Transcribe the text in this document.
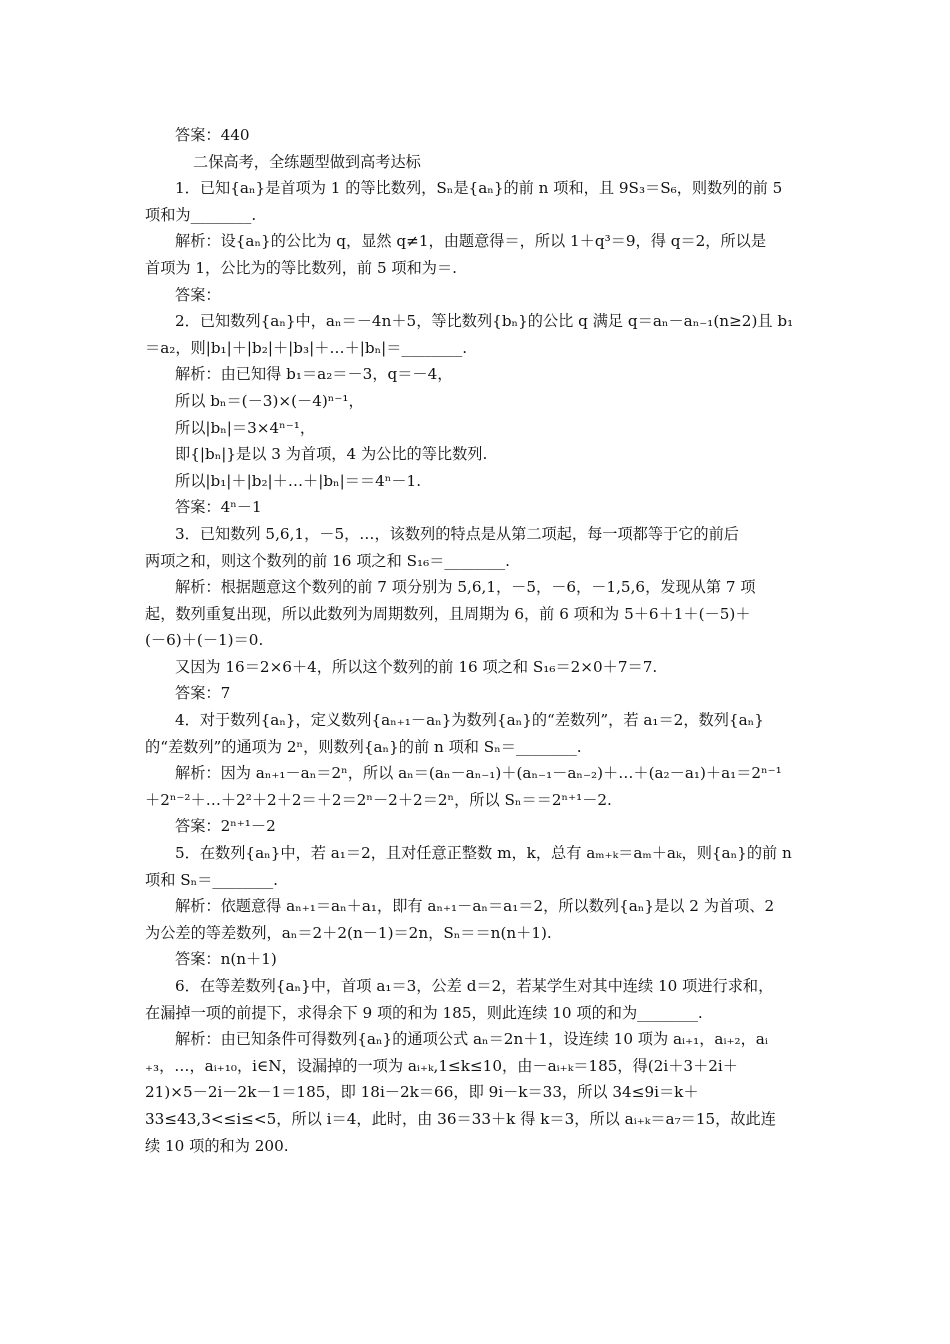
答案：440
二保高考，全练题型做到高考达标
1．已知{aₙ}是首项为 1 的等比数列，Sₙ是{aₙ}的前 n 项和，且 9S₃＝S₆，则数列的前 5
项和为________.
解析：设{aₙ}的公比为 q，显然 q≠1，由题意得＝，所以 1＋q³＝9，得 q＝2，所以是
首项为 1，公比为的等比数列，前 5 项和为＝.
答案：
2．已知数列{aₙ}中，aₙ＝－4n＋5，等比数列{bₙ}的公比 q 满足 q＝aₙ－aₙ₋₁(n≥2)且 b₁
＝a₂，则|b₁|＋|b₂|＋|b₃|＋…＋|bₙ|＝________.
解析：由已知得 b₁＝a₂＝－3，q＝－4，
所以 bₙ＝(－3)×(－4)ⁿ⁻¹，
所以|bₙ|＝3×4ⁿ⁻¹，
即{|bₙ|}是以 3 为首项，4 为公比的等比数列.
所以|b₁|＋|b₂|＋…＋|bₙ|＝＝4ⁿ－1.
答案：4ⁿ－1
3．已知数列 5,6,1，－5，…，该数列的特点是从第二项起，每一项都等于它的前后
两项之和，则这个数列的前 16 项之和 S₁₆＝________.
解析：根据题意这个数列的前 7 项分别为 5,6,1，－5，－6，－1,5,6，发现从第 7 项
起，数列重复出现，所以此数列为周期数列，且周期为 6，前 6 项和为 5＋6＋1＋(－5)＋
(－6)＋(－1)＝0.
又因为 16＝2×6＋4，所以这个数列的前 16 项之和 S₁₆＝2×0＋7＝7.
答案：7
4．对于数列{aₙ}，定义数列{aₙ₊₁－aₙ}为数列{aₙ}的“差数列”，若 a₁＝2，数列{aₙ}
的“差数列”的通项为 2ⁿ，则数列{aₙ}的前 n 项和 Sₙ＝________.
解析：因为 aₙ₊₁－aₙ＝2ⁿ，所以 aₙ＝(aₙ－aₙ₋₁)＋(aₙ₋₁－aₙ₋₂)＋…＋(a₂－a₁)＋a₁＝2ⁿ⁻¹
＋2ⁿ⁻²＋…＋2²＋2＋2＝＋2＝2ⁿ－2＋2＝2ⁿ，所以 Sₙ＝＝2ⁿ⁺¹－2.
答案：2ⁿ⁺¹－2
5．在数列{aₙ}中，若 a₁＝2，且对任意正整数 m，k，总有 aₘ₊ₖ＝aₘ＋aₖ，则{aₙ}的前 n
项和 Sₙ＝________.
解析：依题意得 aₙ₊₁＝aₙ＋a₁，即有 aₙ₊₁－aₙ＝a₁＝2，所以数列{aₙ}是以 2 为首项、2
为公差的等差数列，aₙ＝2＋2(n－1)＝2n，Sₙ＝＝n(n＋1).
答案：n(n＋1)
6．在等差数列{aₙ}中，首项 a₁＝3，公差 d＝2，若某学生对其中连续 10 项进行求和，
在漏掉一项的前提下，求得余下 9 项的和为 185，则此连续 10 项的和为________.
解析：由已知条件可得数列{aₙ}的通项公式 aₙ＝2n＋1，设连续 10 项为 aᵢ₊₁，aᵢ₊₂，aᵢ
₊₃，…，aᵢ₊₁₀，i∈N，设漏掉的一项为 aᵢ₊ₖ,1≤k≤10，由－aᵢ₊ₖ＝185，得(2i＋3＋2i＋
21)×5－2i－2k－1＝185，即 18i－2k＝66，即 9i－k＝33，所以 34≤9i＝k＋
33≤43,3<≤i≤<5，所以 i＝4，此时，由 36＝33＋k 得 k＝3，所以 aᵢ₊ₖ＝a₇＝15，故此连
续 10 项的和为 200.
